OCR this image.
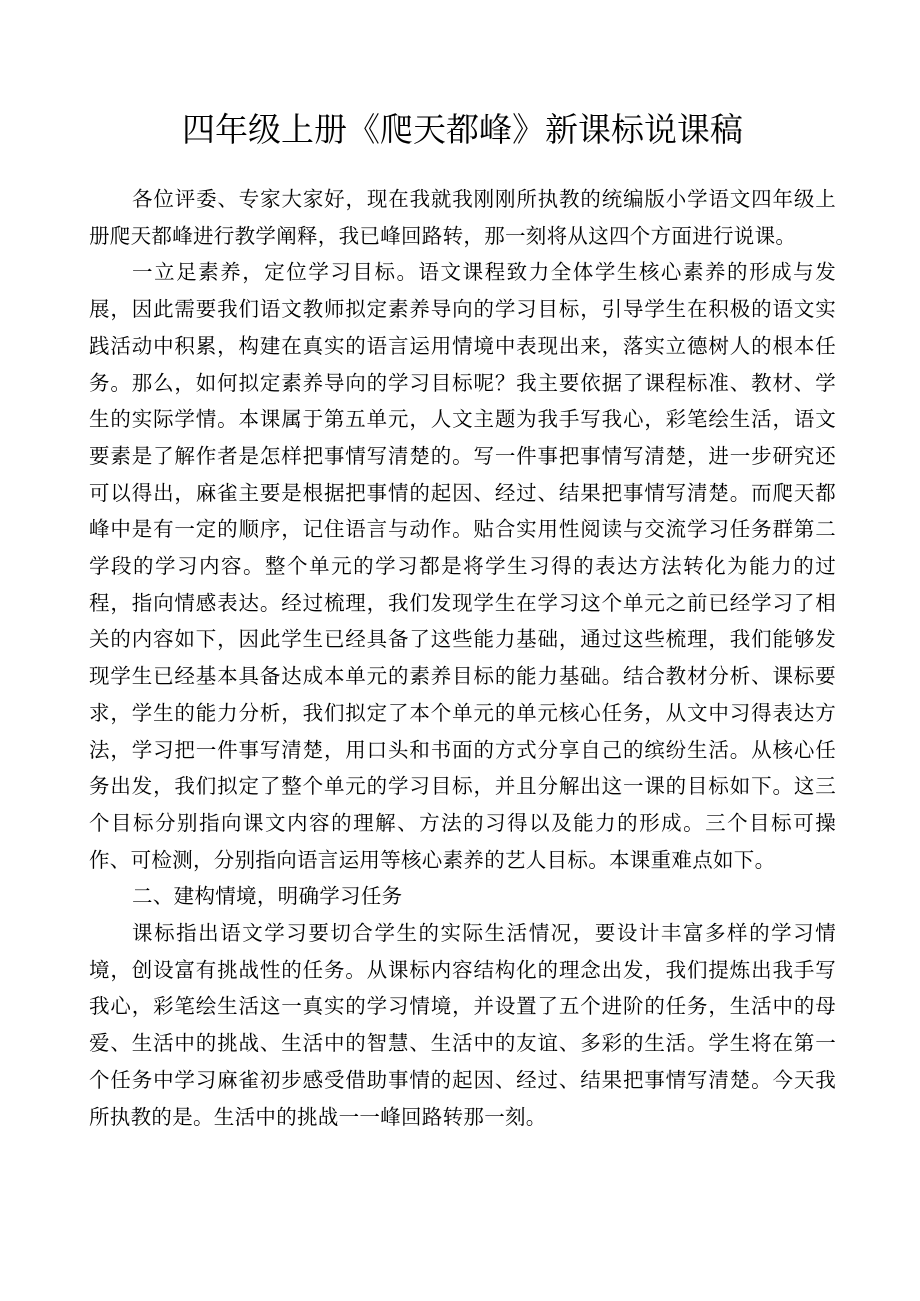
四年级上册《爬天都峰》新课标说课稿

各位评委、专家大家好，现在我就我刚刚所执教的统编版小学语文四年级上册爬天都峰进行教学阐释，我已峰回路转，那一刻将从这四个方面进行说课。

一立足素养，定位学习目标。语文课程致力全体学生核心素养的形成与发展，因此需要我们语文教师拟定素养导向的学习目标，引导学生在积极的语文实践活动中积累，构建在真实的语言运用情境中表现出来，落实立德树人的根本任务。那么，如何拟定素养导向的学习目标呢？我主要依据了课程标准、教材、学生的实际学情。本课属于第五单元，人文主题为我手写我心，彩笔绘生活，语文要素是了解作者是怎样把事情写清楚的。写一件事把事情写清楚，进一步研究还可以得出，麻雀主要是根据把事情的起因、经过、结果把事情写清楚。而爬天都峰中是有一定的顺序，记住语言与动作。贴合实用性阅读与交流学习任务群第二学段的学习内容。整个单元的学习都是将学生习得的表达方法转化为能力的过程，指向情感表达。经过梳理，我们发现学生在学习这个单元之前已经学习了相关的内容如下，因此学生已经具备了这些能力基础，通过这些梳理，我们能够发现学生已经基本具备达成本单元的素养目标的能力基础。结合教材分析、课标要求，学生的能力分析，我们拟定了本个单元的单元核心任务，从文中习得表达方法，学习把一件事写清楚，用口头和书面的方式分享自己的缤纷生活。从核心任务出发，我们拟定了整个单元的学习目标，并且分解出这一课的目标如下。这三个目标分别指向课文内容的理解、方法的习得以及能力的形成。三个目标可操作、可检测，分别指向语言运用等核心素养的艺人目标。本课重难点如下。

二、建构情境，明确学习任务

课标指出语文学习要切合学生的实际生活情况，要设计丰富多样的学习情境，创设富有挑战性的任务。从课标内容结构化的理念出发，我们提炼出我手写我心，彩笔绘生活这一真实的学习情境，并设置了五个进阶的任务，生活中的母爱、生活中的挑战、生活中的智慧、生活中的友谊、多彩的生活。学生将在第一个任务中学习麻雀初步感受借助事情的起因、经过、结果把事情写清楚。今天我所执教的是。生活中的挑战一一峰回路转那一刻。
